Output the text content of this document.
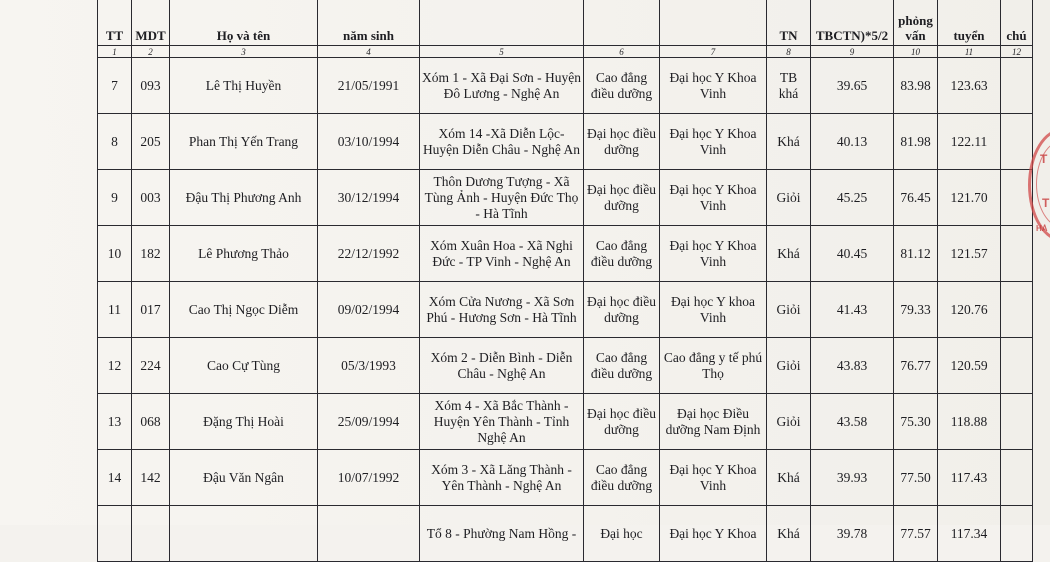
TT	MDT	Họ và tên	năm sinh				TN	TBCTN)*5/2	phỏng vấn	tuyển	chú
1	2	3	4	5	6	7	8	9	10	11	12
7	093	Lê Thị Huyền	21/05/1991	Xóm 1 - Xã Đại Sơn - Huyện Đô Lương - Nghệ An	Cao đẳng điều dưỡng	Đại học Y Khoa Vinh	TB khá	39.65	83.98	123.63	
8	205	Phan Thị Yến Trang	03/10/1994	Xóm 14 -Xã Diễn Lộc- Huyện Diễn Châu - Nghệ An	Đại học điều dưỡng	Đại học Y Khoa Vinh	Khá	40.13	81.98	122.11	
9	003	Đậu Thị Phương Anh	30/12/1994	Thôn Dương Tượng - Xã Tùng Ảnh - Huyện Đức Thọ - Hà Tĩnh	Đại học điều dưỡng	Đại học Y Khoa Vinh	Giỏi	45.25	76.45	121.70	
10	182	Lê Phương Thảo	22/12/1992	Xóm Xuân Hoa - Xã Nghi Đức - TP Vinh - Nghệ An	Cao đẳng điều dưỡng	Đại học Y Khoa Vinh	Khá	40.45	81.12	121.57	
11	017	Cao Thị Ngọc Diễm	09/02/1994	Xóm Cửa Nương - Xã Sơn Phú - Hương Sơn - Hà Tĩnh	Đại học điều dưỡng	Đại học Y khoa Vinh	Giỏi	41.43	79.33	120.76	
12	224	Cao Cự Tùng	05/3/1993	Xóm 2 - Diễn Bình - Diễn Châu - Nghệ An	Cao đẳng điều dưỡng	Cao đẳng y tế phú Thọ	Giỏi	43.83	76.77	120.59	
13	068	Đặng Thị Hoài	25/09/1994	Xóm 4 - Xã Bắc Thành - Huyện Yên Thành - Tỉnh Nghệ An	Đại học điều dưỡng	Đại học Điều dưỡng Nam Định	Giỏi	43.58	75.30	118.88	
14	142	Đậu Văn Ngân	10/07/1992	Xóm 3 - Xã Lăng Thành - Yên Thành - Nghệ An	Cao đẳng điều dưỡng	Đại học Y Khoa Vinh	Khá	39.93	77.50	117.43	
				Tổ 8 - Phường Nam Hồng -	Đại học	Đại học Y Khoa	Khá	39.78	77.57	117.34	
T
T
HÀ
